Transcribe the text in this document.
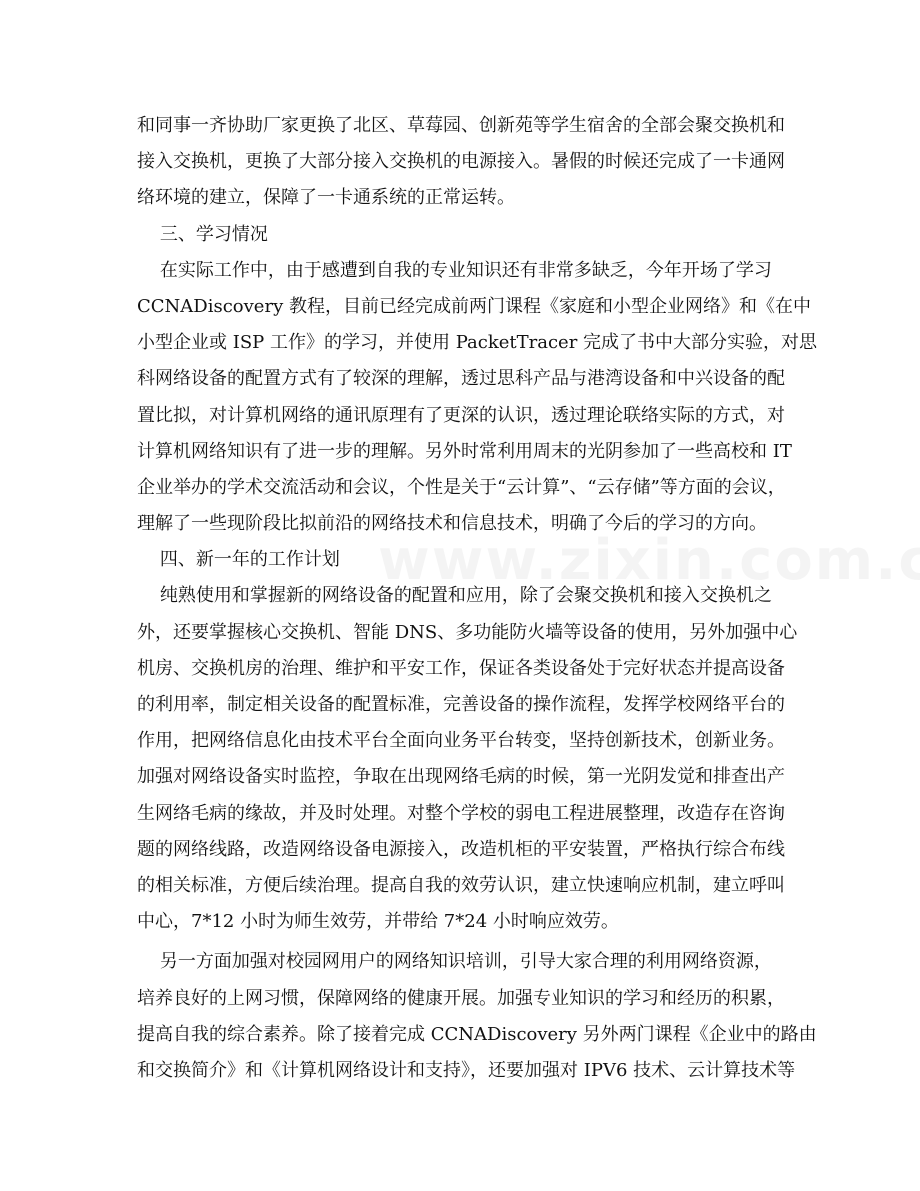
和同事一齐协助厂家更换了北区、草莓园、创新苑等学生宿舍的全部会聚交换机和
接入交换机，更换了大部分接入交换机的电源接入。暑假的时候还完成了一卡通网
络环境的建立，保障了一卡通系统的正常运转。
三、学习情况
在实际工作中，由于感遭到自我的专业知识还有非常多缺乏，今年开场了学习
CCNADiscovery 教程，目前已经完成前两门课程《家庭和小型企业网络》和《在中
小型企业或 ISP 工作》的学习，并使用 PacketTracer 完成了书中大部分实验，对思
科网络设备的配置方式有了较深的理解，透过思科产品与港湾设备和中兴设备的配
置比拟，对计算机网络的通讯原理有了更深的认识，透过理论联络实际的方式，对
计算机网络知识有了进一步的理解。另外时常利用周末的光阴参加了一些高校和 IT
企业举办的学术交流活动和会议，个性是关于“云计算”、“云存储”等方面的会议，
理解了一些现阶段比拟前沿的网络技术和信息技术，明确了今后的学习的方向。
四、新一年的工作计划
纯熟使用和掌握新的网络设备的配置和应用，除了会聚交换机和接入交换机之
外，还要掌握核心交换机、智能 DNS、多功能防火墙等设备的使用，另外加强中心
机房、交换机房的治理、维护和平安工作，保证各类设备处于完好状态并提高设备
的利用率，制定相关设备的配置标准，完善设备的操作流程，发挥学校网络平台的
作用，把网络信息化由技术平台全面向业务平台转变，坚持创新技术，创新业务。
加强对网络设备实时监控，争取在出现网络毛病的时候，第一光阴发觉和排查出产
生网络毛病的缘故，并及时处理。对整个学校的弱电工程进展整理，改造存在咨询
题的网络线路，改造网络设备电源接入，改造机柜的平安装置，严格执行综合布线
的相关标准，方便后续治理。提高自我的效劳认识，建立快速响应机制，建立呼叫
中心，7*12 小时为师生效劳，并带给 7*24 小时响应效劳。
另一方面加强对校园网用户的网络知识培训，引导大家合理的利用网络资源，
培养良好的上网习惯，保障网络的健康开展。加强专业知识的学习和经历的积累，
提高自我的综合素养。除了接着完成 CCNADiscovery 另外两门课程《企业中的路由
和交换简介》和《计算机网络设计和支持》，还要加强对 IPV6 技术、云计算技术等
